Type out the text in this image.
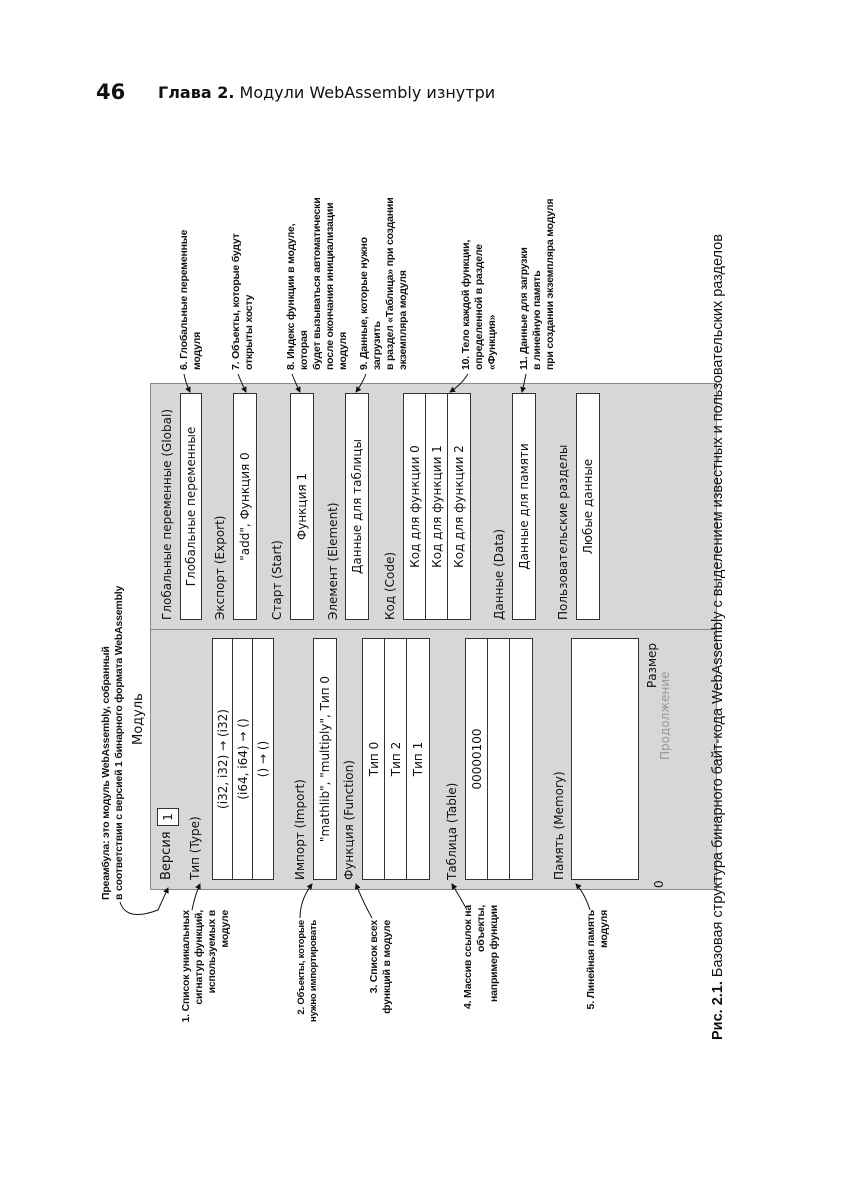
46 Глава 2. Модули WebAssembly изнутри
Преамбула: это модуль WebAssembly, собранный в соответствии с версией 1 бинарного формата WebAssembly Модуль
Версия
1	Тип (Type)
(i32, i32) → (i32) (i64, i64) → () () → ()
Импорт (Import) "mathlib", "multiply", Тип 0 Функция (Function)
Тип 0 Тип 2 Тип 1
Таблица (Table)
00000100
Память (Memory)
0
Размер
Продолжение
Глобальные переменные (Global) Глобальные переменные	Экспорт (Export)
"add", Функция 0
Старт (Start)
Функция 1	Элемент (Element) Данные для таблицы
Код (Code)
Код для функции 0 Код для функции 1 Код для функции 2
Данные (Data)
Данные для памяти	Пользовательские разделы Любые данные
1. Список уникальных сигнатур функций, используемых в модуле	2. Объекты, которые нужно импортировать	3. Список всех функций в модуле	4. Массив ссылок на объекты, например функции	5. Линейная память модуля
6. Глобальные переменные модуля	7. Объекты, которые будут открыты хосту	8. Индекс функции в модуле, которая будет вызываться автоматически после окончания инициализации модуля 9. Данные, которые нужно загрузить в раздел «Таблица» при создании экземпляра модуля	10. Тело каждой функции, определенной в разделе «Функция» 11. Данные для загрузки в линейную память при создании экземпляра модуля
Рис. 2.1. Базовая структура бинарного байт-кода WebAssembly с выделением известных и пользовательских разделов
